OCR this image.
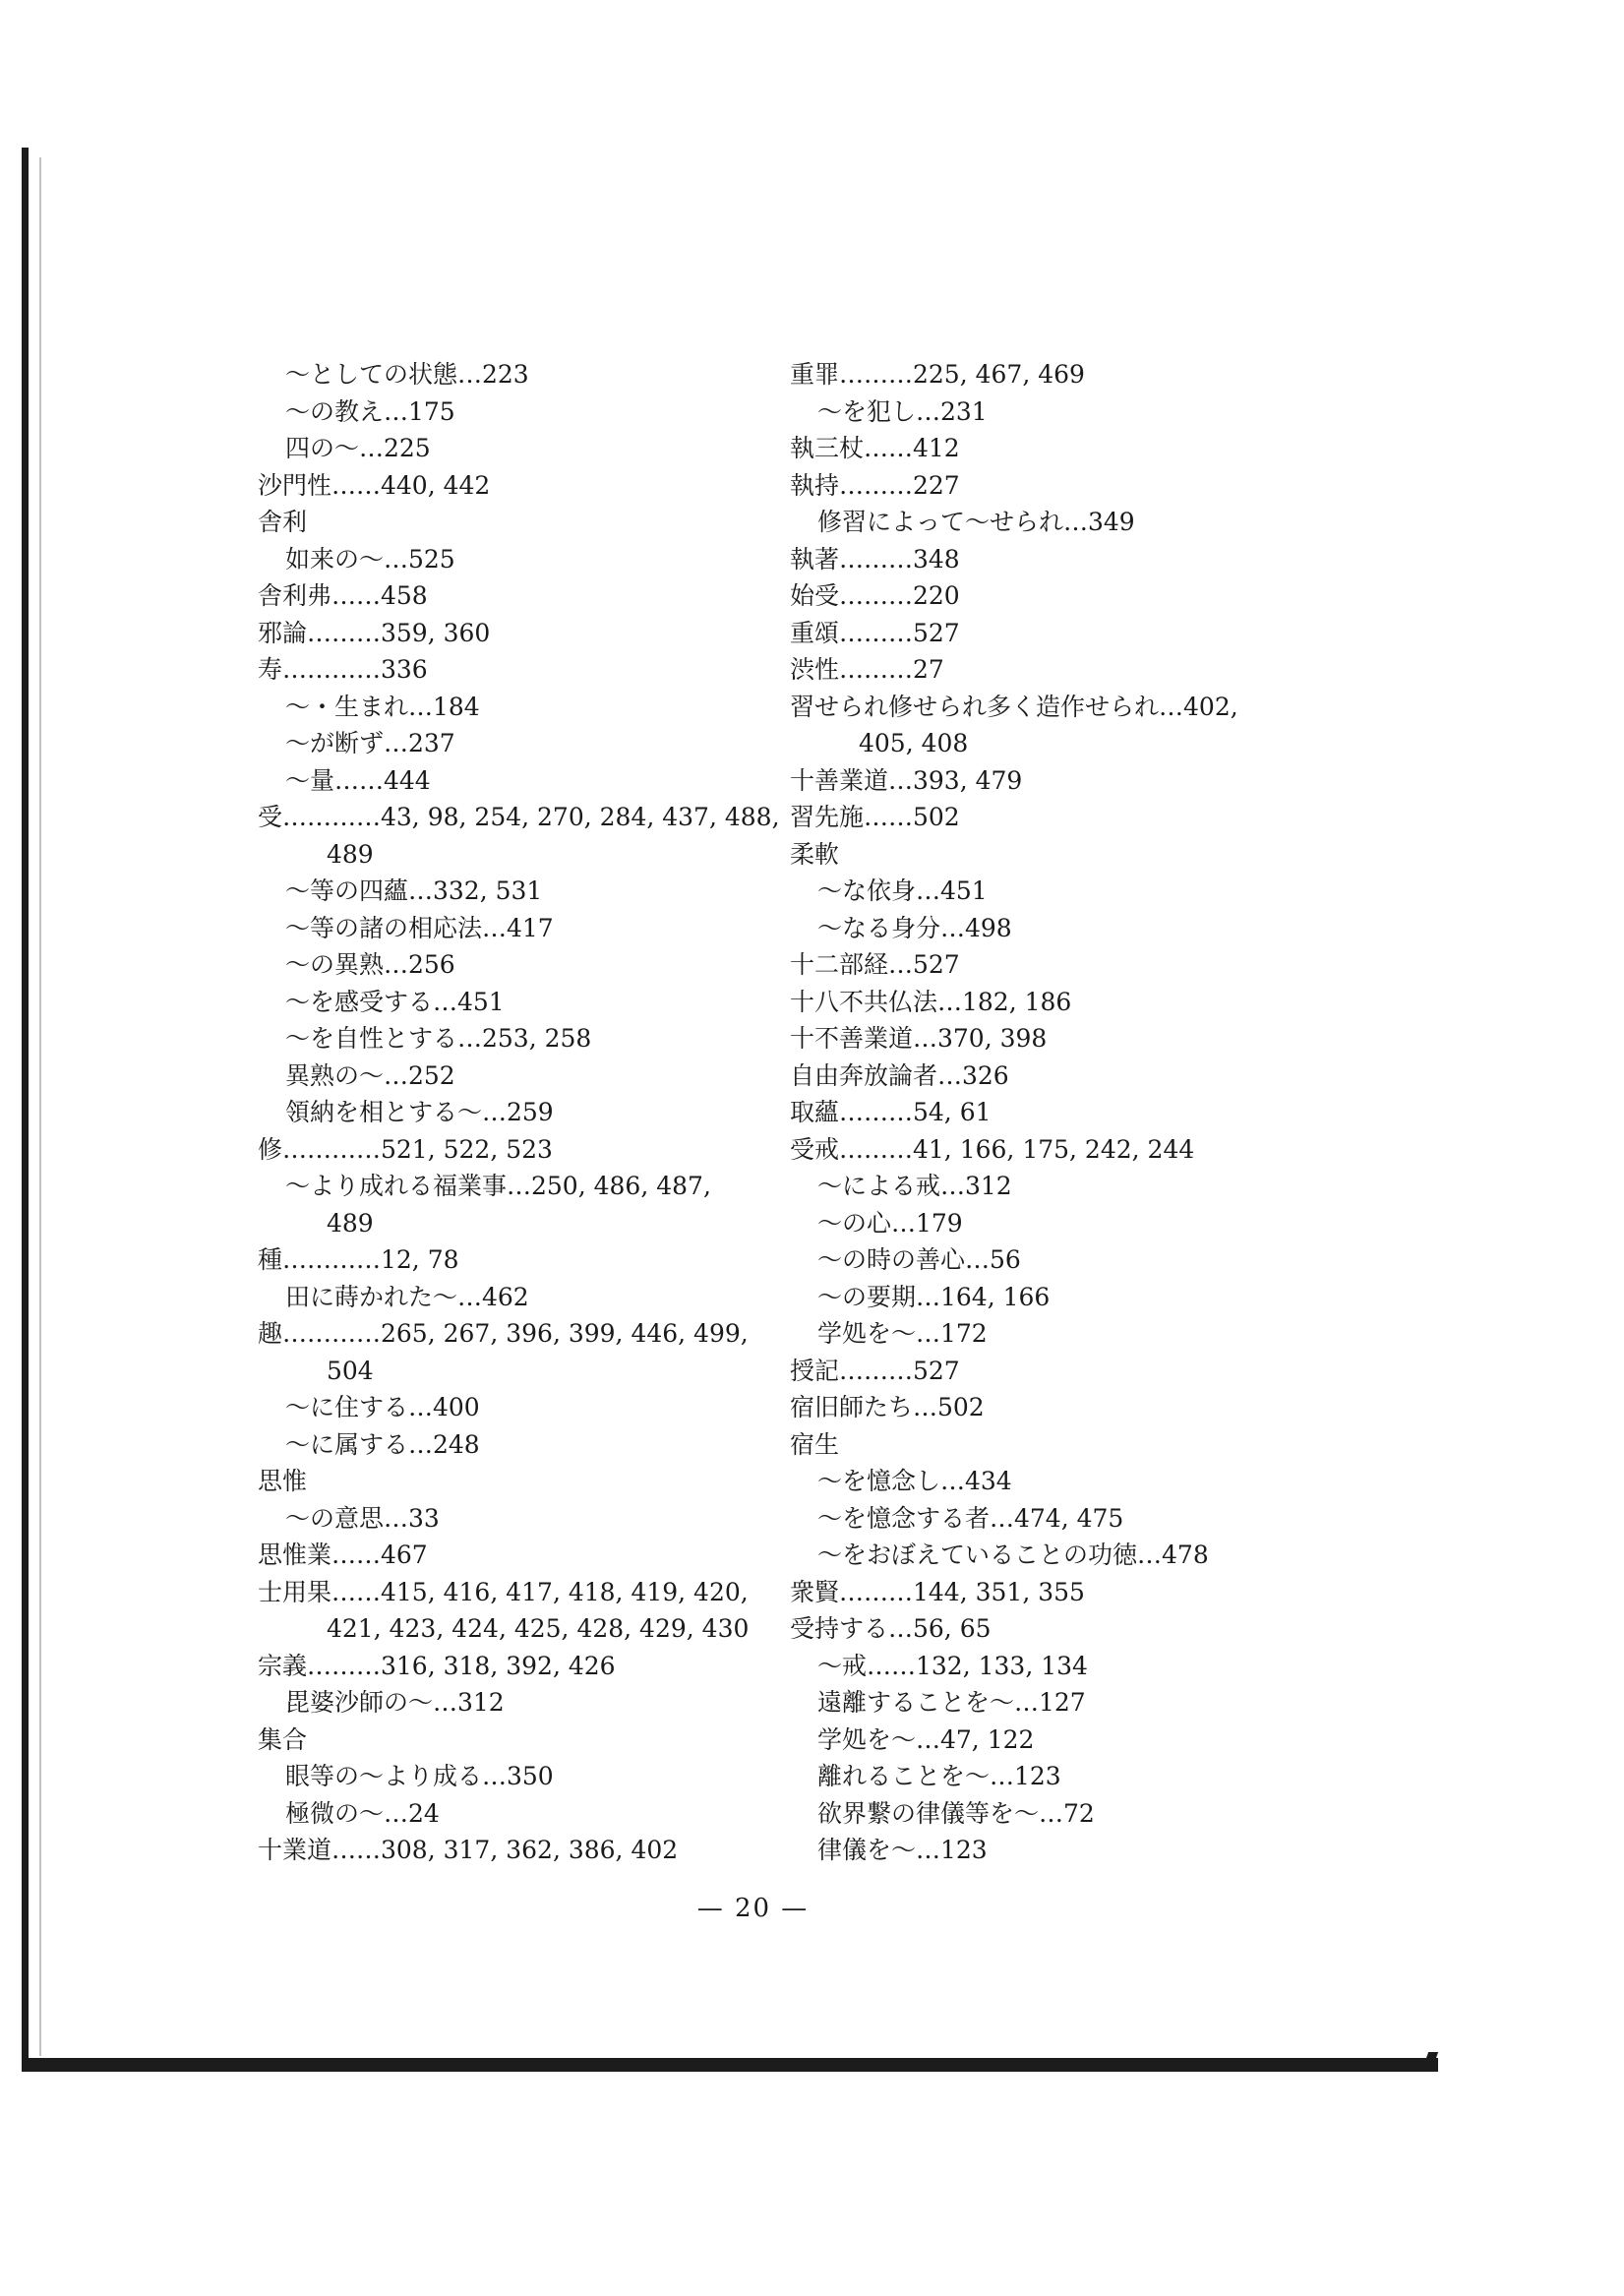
～としての状態…223
～の教え…175
四の～…225
沙門性……440, 442
舎利
如来の～…525
舎利弗……458
邪論………359, 360
寿…………336
～・生まれ…184
～が断ず…237
～量……444
受…………43, 98, 254, 270, 284, 437, 488,
489
～等の四蘊…332, 531
～等の諸の相応法…417
～の異熟…256
～を感受する…451
～を自性とする…253, 258
異熟の～…252
領納を相とする～…259
修…………521, 522, 523
～より成れる福業事…250, 486, 487,
489
種…………12, 78
田に蒔かれた～…462
趣…………265, 267, 396, 399, 446, 499,
504
～に住する…400
～に属する…248
思惟
～の意思…33
思惟業……467
士用果……415, 416, 417, 418, 419, 420,
421, 423, 424, 425, 428, 429, 430
宗義………316, 318, 392, 426
毘婆沙師の～…312
集合
眼等の～より成る…350
極微の～…24
十業道……308, 317, 362, 386, 402
重罪………225, 467, 469
～を犯し…231
執三杖……412
執持………227
修習によって～せられ…349
執著………348
始受………220
重頌………527
渋性………27
習せられ修せられ多く造作せられ…402,
405, 408
十善業道…393, 479
習先施……502
柔軟
～な依身…451
～なる身分…498
十二部経…527
十八不共仏法…182, 186
十不善業道…370, 398
自由奔放論者…326
取蘊………54, 61
受戒………41, 166, 175, 242, 244
～による戒…312
～の心…179
～の時の善心…56
～の要期…164, 166
学処を～…172
授記………527
宿旧師たち…502
宿生
～を憶念し…434
～を憶念する者…474, 475
～をおぼえていることの功徳…478
衆賢………144, 351, 355
受持する…56, 65
～戒……132, 133, 134
遠離することを～…127
学処を～…47, 122
離れることを～…123
欲界繋の律儀等を～…72
律儀を～…123
— 20 —
